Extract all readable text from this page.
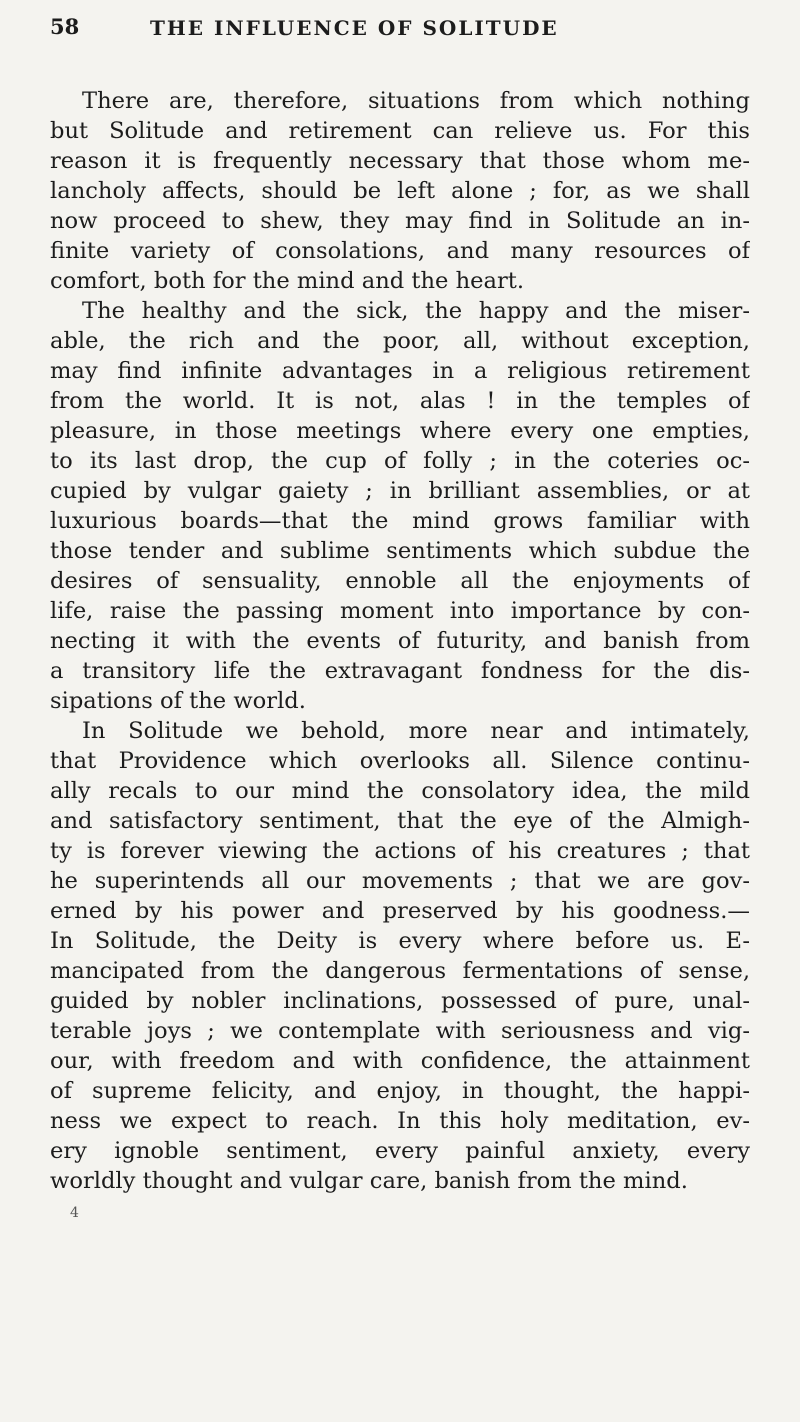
58	THE INFLUENCE OF SOLITUDE
There are, therefore, situations from which nothing
but Solitude and retirement can relieve us. For this
reason it is frequently necessary that those whom me-
lancholy affects, should be left alone ; for, as we shall
now proceed to shew, they may find in Solitude an in-
finite variety of consolations, and many resources of
comfort, both for the mind and the heart.
The healthy and the sick, the happy and the miser-
able, the rich and the poor, all, without exception,
may find infinite advantages in a religious retirement
from the world. It is not, alas ! in the temples of
pleasure, in those meetings where every one empties,
to its last drop, the cup of folly ; in the coteries oc-
cupied by vulgar gaiety ; in brilliant assemblies, or at
luxurious boards—that the mind grows familiar with
those tender and sublime sentiments which subdue the
desires of sensuality, ennoble all the enjoyments of
life, raise the passing moment into importance by con-
necting it with the events of futurity, and banish from
a transitory life the extravagant fondness for the dis-
sipations of the world.
In Solitude we behold, more near and intimately,
that Providence which overlooks all. Silence continu-
ally recals to our mind the consolatory idea, the mild
and satisfactory sentiment, that the eye of the Almigh-
ty is forever viewing the actions of his creatures ; that
he superintends all our movements ; that we are gov-
erned by his power and preserved by his goodness.—
In Solitude, the Deity is every where before us. E-
mancipated from the dangerous fermentations of sense,
guided by nobler inclinations, possessed of pure, unal-
terable joys ; we contemplate with seriousness and vig-
our, with freedom and with confidence, the attainment
of supreme felicity, and enjoy, in thought, the happi-
ness we expect to reach. In this holy meditation, ev-
ery ignoble sentiment, every painful anxiety, every
worldly thought and vulgar care, banish from the mind.
4
